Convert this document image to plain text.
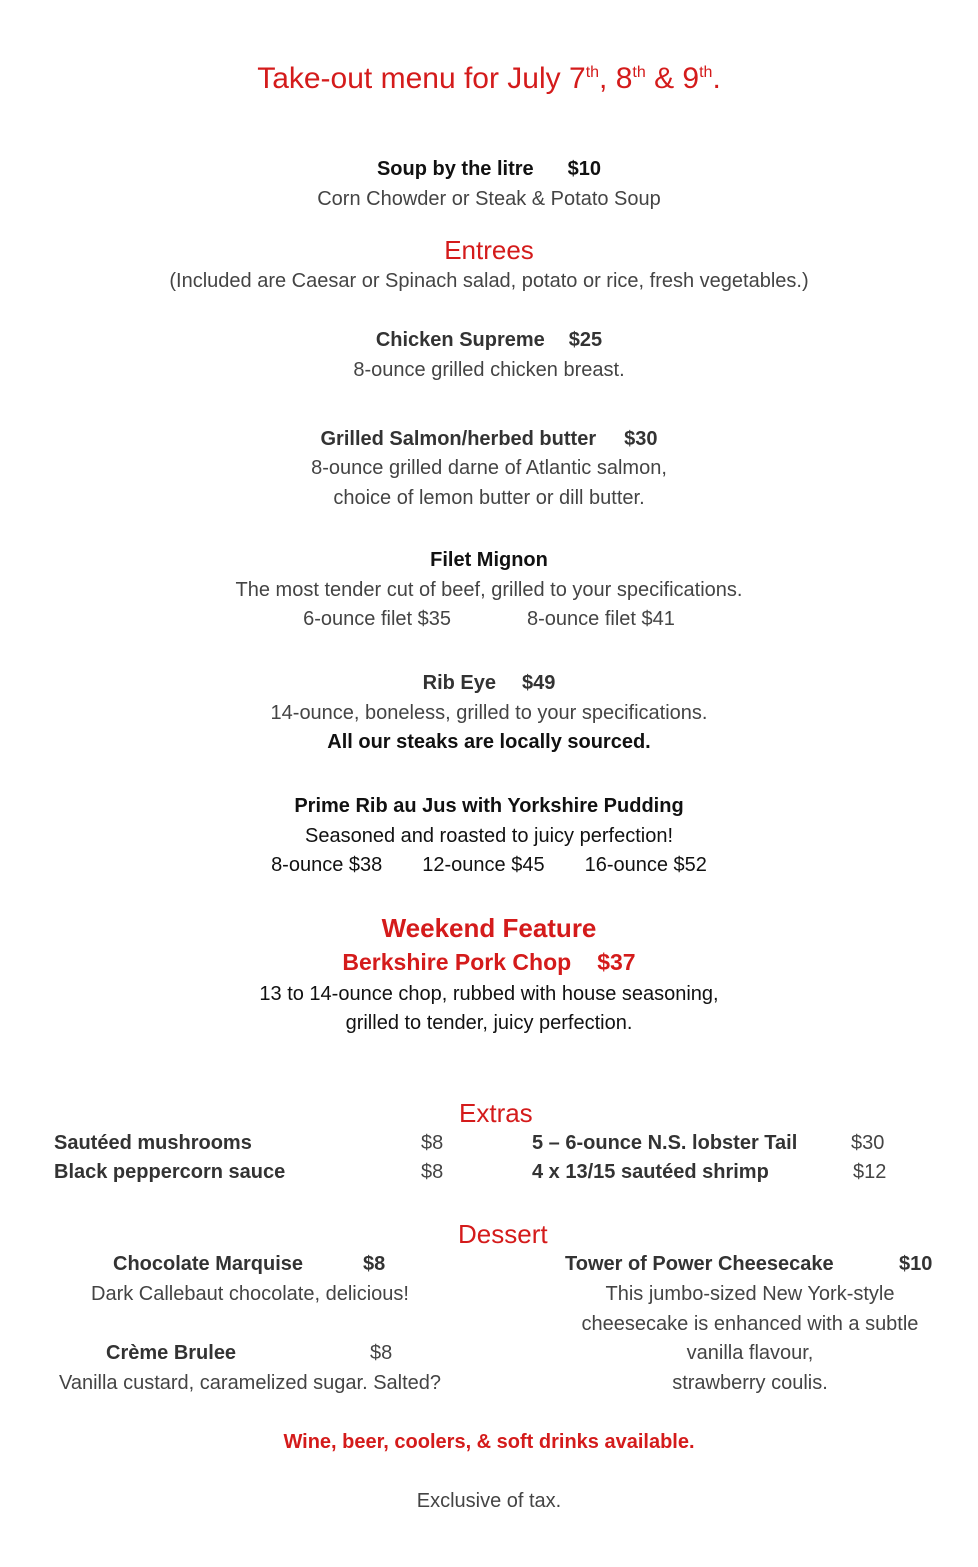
Take-out menu for July 7th, 8th & 9th.
Soup by the litre $10
Corn Chowder or Steak & Potato Soup
Entrees
(Included are Caesar or Spinach salad, potato or rice, fresh vegetables.)
Chicken Supreme $25
8-ounce grilled chicken breast.
Grilled Salmon/herbed butter $30
8-ounce grilled darne of Atlantic salmon,
choice of lemon butter or dill butter.
Filet Mignon
The most tender cut of beef, grilled to your specifications.
6-ounce filet $35	8-ounce filet $41
Rib Eye $49
14-ounce, boneless, grilled to your specifications.
All our steaks are locally sourced.
Prime Rib au Jus with Yorkshire Pudding
Seasoned and roasted to juicy perfection!
8-ounce $38 12-ounce $45 16-ounce $52
Weekend Feature
Berkshire Pork Chop $37
13 to 14-ounce chop, rubbed with house seasoning,
grilled to tender, juicy perfection.
Extras
Sautéed mushrooms	$8
Black peppercorn sauce	$8
5 – 6-ounce N.S. lobster Tail	$30
4 x 13/15 sautéed shrimp	$12
Dessert
Chocolate Marquise	$8
Dark Callebaut chocolate, delicious!
Crème Brulee	$8
Vanilla custard, caramelized sugar. Salted?
Tower of Power Cheesecake	$10
This jumbo-sized New York-style
cheesecake is enhanced with a subtle
vanilla flavour,
strawberry coulis.
Wine, beer, coolers, & soft drinks available.
Exclusive of tax.
